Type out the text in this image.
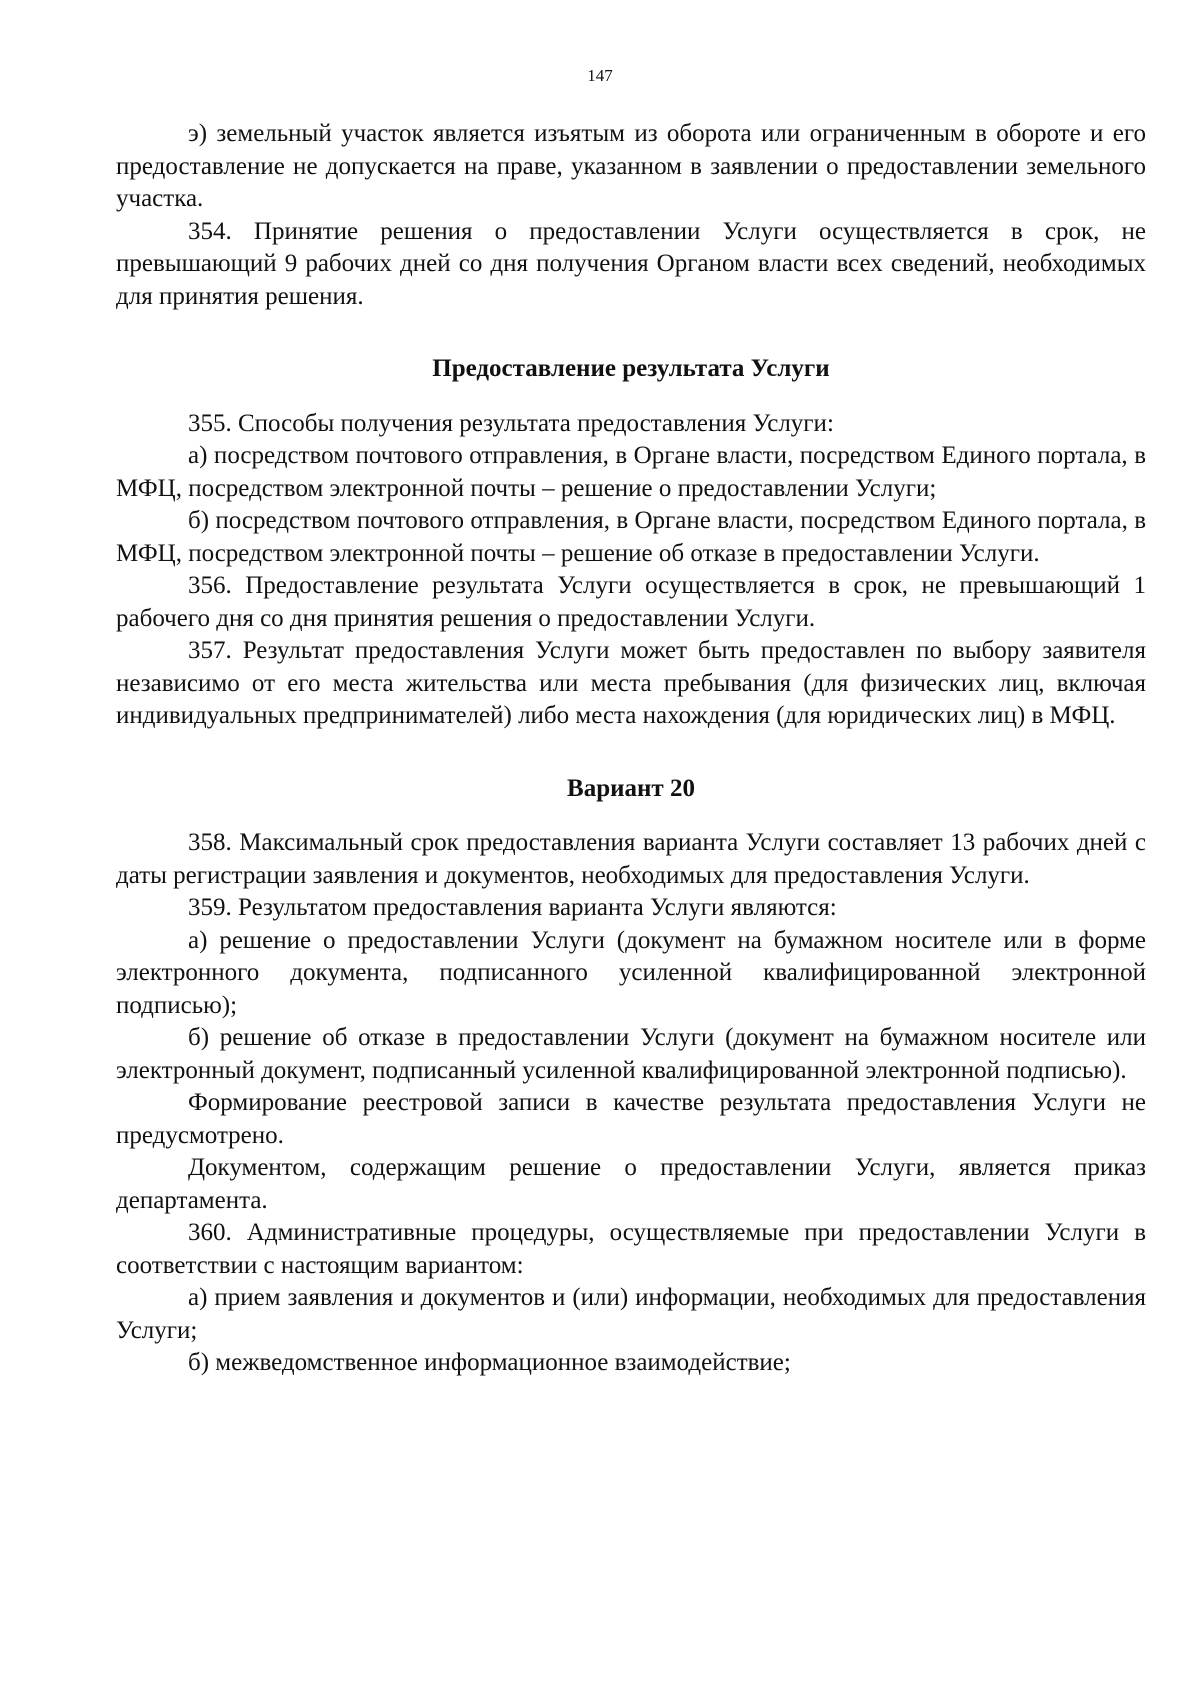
147

э) земельный участок является изъятым из оборота или ограниченным в обороте и его предоставление не допускается на праве, указанном в заявлении о предоставлении земельного участка.

354. Принятие решения о предоставлении Услуги осуществляется в срок, не превышающий 9 рабочих дней со дня получения Органом власти всех сведений, необходимых для принятия решения.

Предоставление результата Услуги

355. Способы получения результата предоставления Услуги:

а) посредством почтового отправления, в Органе власти, посредством Единого портала, в МФЦ, посредством электронной почты – решение о предоставлении Услуги;

б) посредством почтового отправления, в Органе власти, посредством Единого портала, в МФЦ, посредством электронной почты – решение об отказе в предоставлении Услуги.

356. Предоставление результата Услуги осуществляется в срок, не превышающий 1 рабочего дня со дня принятия решения о предоставлении Услуги.

357. Результат предоставления Услуги может быть предоставлен по выбору заявителя независимо от его места жительства или места пребывания (для физических лиц, включая индивидуальных предпринимателей) либо места нахождения (для юридических лиц) в МФЦ.

Вариант 20

358. Максимальный срок предоставления варианта Услуги составляет 13 рабочих дней с даты регистрации заявления и документов, необходимых для предоставления Услуги.

359. Результатом предоставления варианта Услуги являются:

а) решение о предоставлении Услуги (документ на бумажном носителе или в форме электронного документа, подписанного усиленной квалифицированной электронной подписью);

б) решение об отказе в предоставлении Услуги (документ на бумажном носителе или электронный документ, подписанный усиленной квалифицированной электронной подписью).

Формирование реестровой записи в качестве результата предоставления Услуги не предусмотрено.

Документом, содержащим решение о предоставлении Услуги, является приказ департамента.

360. Административные процедуры, осуществляемые при предоставлении Услуги в соответствии с настоящим вариантом:

а) прием заявления и документов и (или) информации, необходимых для предоставления Услуги;

б) межведомственное информационное взаимодействие;
